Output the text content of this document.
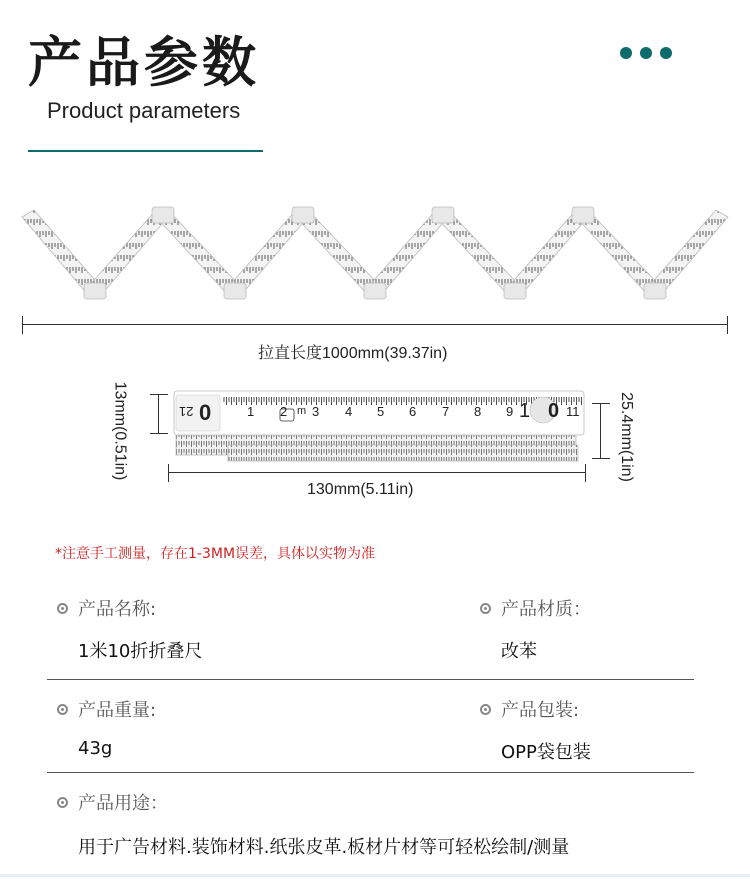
产品参数
Product parameters
拉直长度1000mm(39.37in)
13mm(0.51in)	0
21	1 2 m 3 4 5 6 7 8 9 1 0 11 25.4mm(1in)
130mm(5.11in)
*注意手工测量，存在1-3MM误差，具体以实物为准
产品名称:
1米10折折叠尺
产品材质：
改苯
产品重量:
43g
产品包装:
OPP袋包装
产品用途：
用于广告材料.装饰材料.纸张皮革.板材片材等可轻松绘制/测量
